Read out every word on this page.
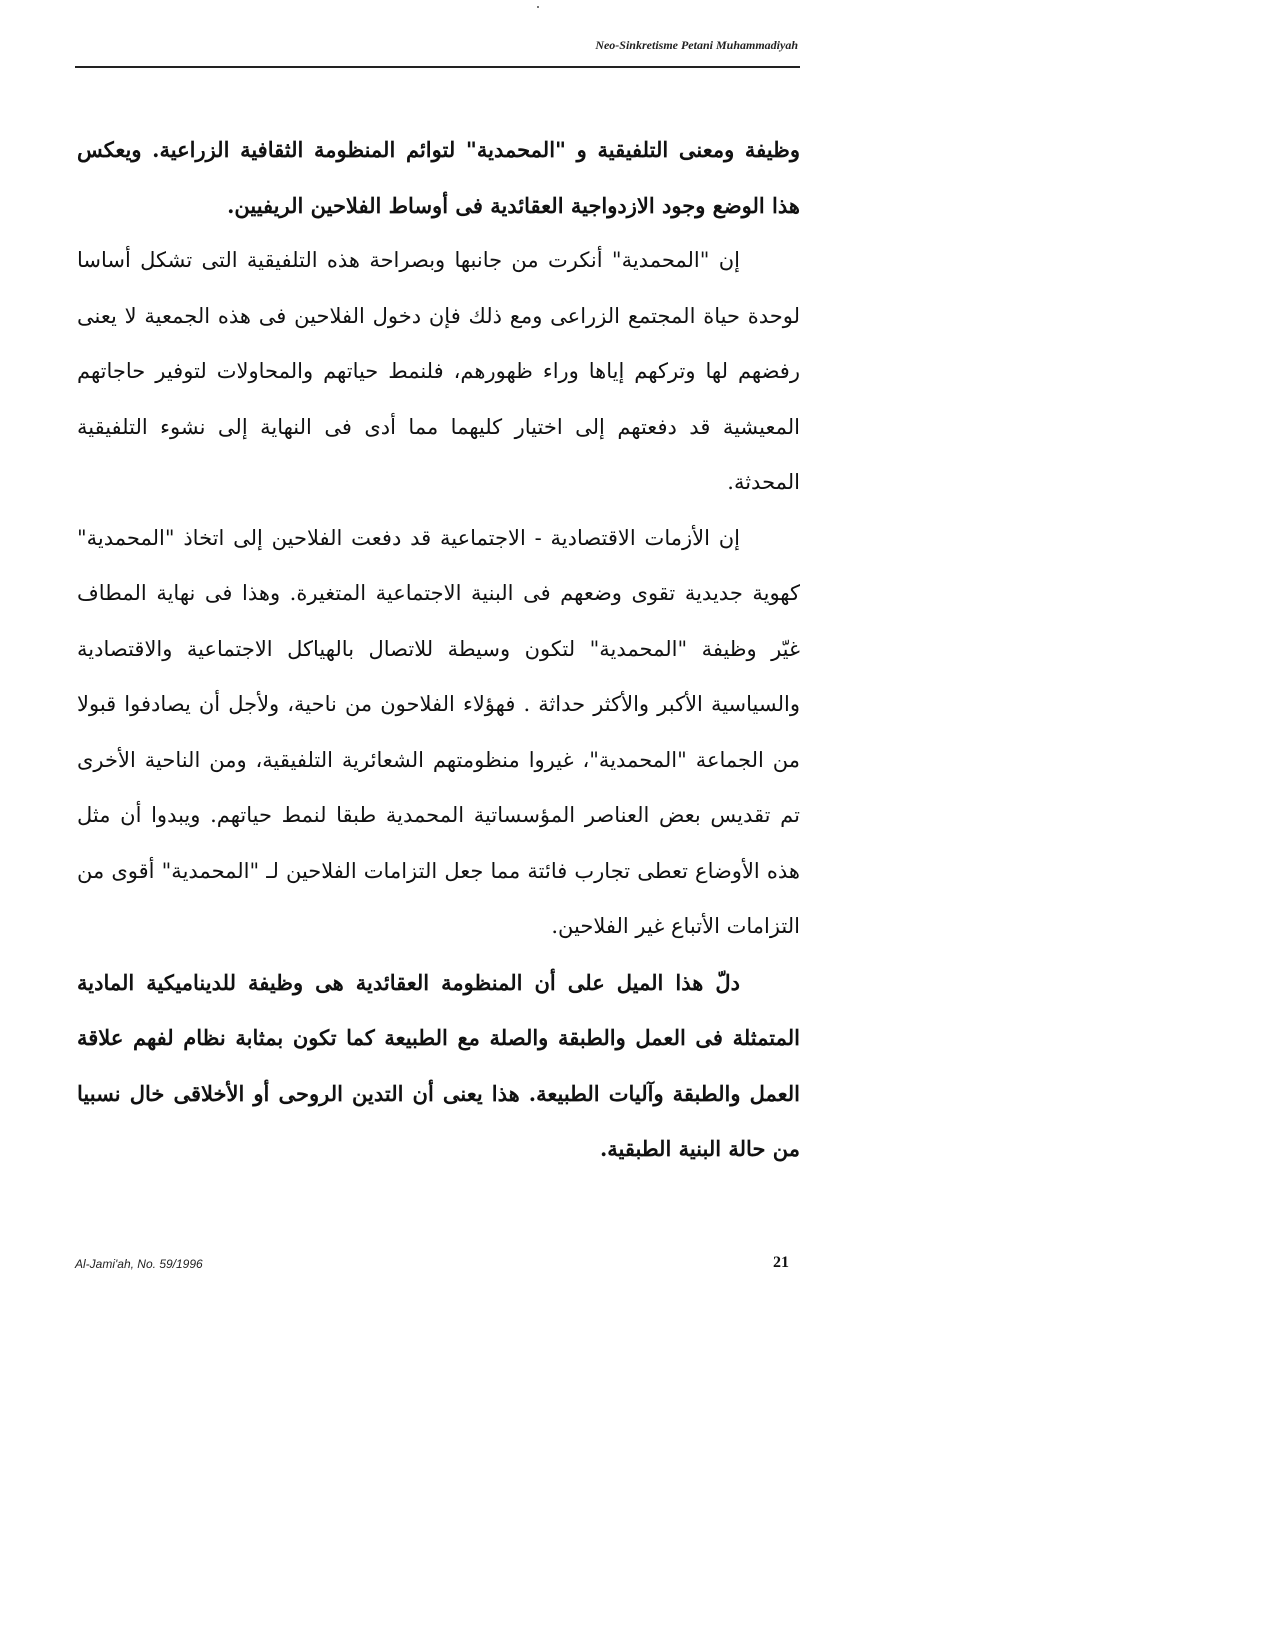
Neo-Sinkretisme Petani Muhammadiyah

وظيفة ومعنى التلفيقية و "المحمدية" لتوائم المنظومة الثقافية الزراعية. ويعكس هذا الوضع وجود الازدواجية العقائدية فى أوساط الفلاحين الريفيين.

إن "المحمدية" أنكرت من جانبها وبصراحة هذه التلفيقية التى تشكل أساسا لوحدة حياة المجتمع الزراعى ومع ذلك فإن دخول الفلاحين فى هذه الجمعية لا يعنى رفضهم لها وتركهم إياها وراء ظهورهم، فلنمط حياتهم والمحاولات لتوفير حاجاتهم المعيشية قد دفعتهم إلى اختيار كليهما مما أدى فى النهاية إلى نشوء التلفيقية المحدثة.

إن الأزمات الاقتصادية - الاجتماعية قد دفعت الفلاحين إلى اتخاذ "المحمدية" كهوية جديدية تقوى وضعهم فى البنية الاجتماعية المتغيرة. وهذا فى نهاية المطاف غيّر وظيفة "المحمدية" لتكون وسيطة للاتصال بالهياكل الاجتماعية والاقتصادية والسياسية الأكبر والأكثر حداثة . فهؤلاء الفلاحون من ناحية، ولأجل أن يصادفوا قبولا من الجماعة "المحمدية"، غيروا منظومتهم الشعائرية التلفيقية، ومن الناحية الأخرى تم تقديس بعض العناصر المؤسساتية المحمدية طبقا لنمط حياتهم. ويبدوا أن مثل هذه الأوضاع تعطى تجارب فائتة مما جعل التزامات الفلاحين لـ "المحمدية" أقوى من التزامات الأتباع غير الفلاحين.

دلّ هذا الميل على أن المنظومة العقائدية هى وظيفة للديناميكية المادية المتمثلة فى العمل والطبقة والصلة مع الطبيعة كما تكون بمثابة نظام لفهم علاقة العمل والطبقة وآليات الطبيعة. هذا يعنى أن التدين الروحى أو الأخلاقى خال نسبيا من حالة البنية الطبقية.

Al-Jami'ah, No. 59/1996	21
